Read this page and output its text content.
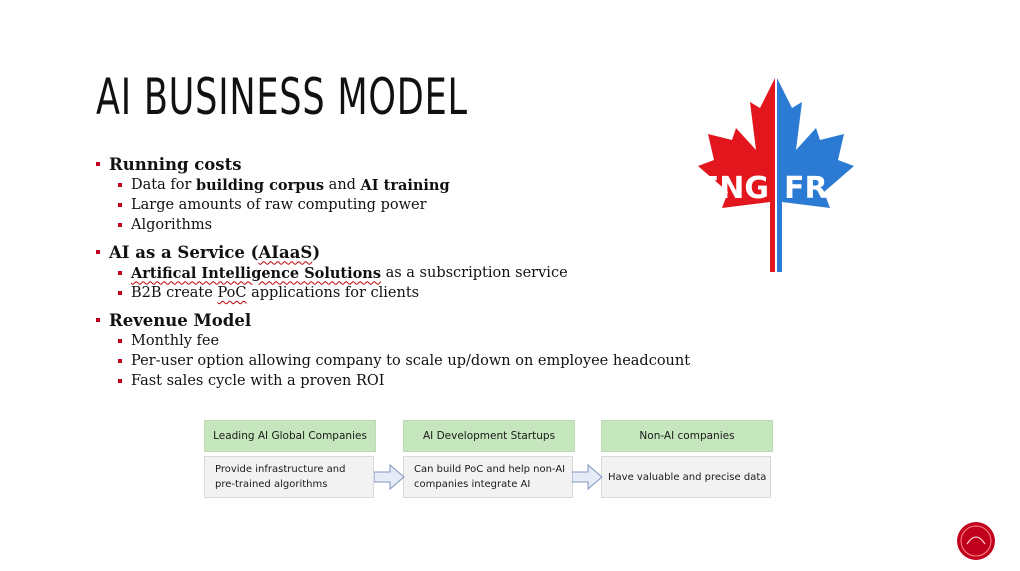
AI BUSINESS MODEL
Running costs
Data for
building corpus
and
AI training
Large amounts of raw computing power
Algorithms
AI as a Service (AIaaS)
Artifical Intelligence Solutions
as a subscription service
B2B create
PoC
applications for clients
Revenue Model
Monthly fee
Per-user option allowing company to scale up/down on employee headcount
Fast sales cycle with a proven ROI
ENG FR
Leading AI Global Companies	AI Development Startups	Non-AI companies
Provide infrastructure and
pre-trained algorithms
Can build PoC and help non-AI
companies integrate AI
Have valuable and precise data
